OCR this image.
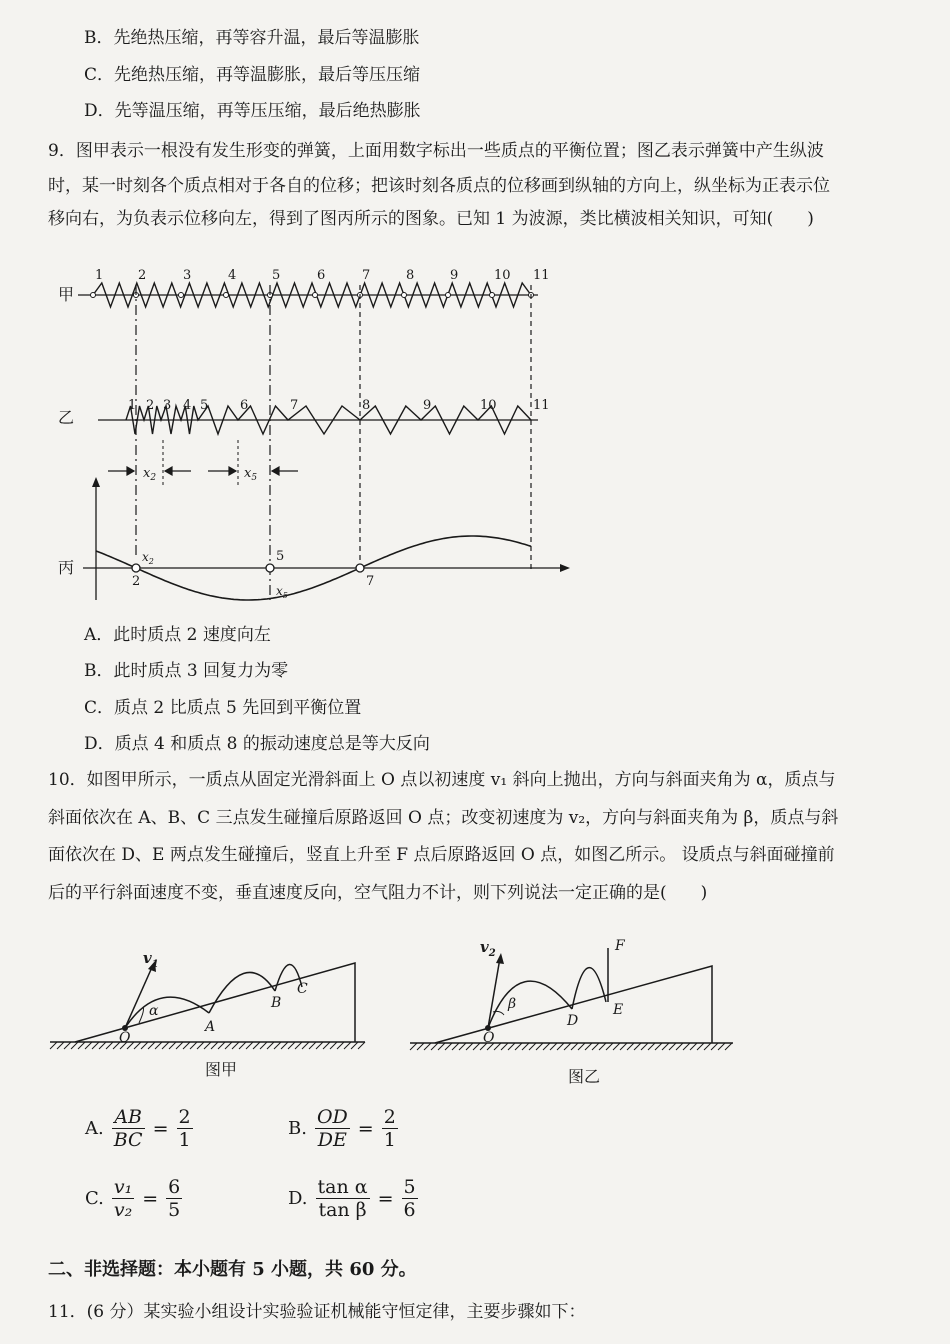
B．先绝热压缩，再等容升温，最后等温膨胀
C．先绝热压缩，再等温膨胀，最后等压压缩
D．先等温压缩，再等压压缩，最后绝热膨胀
9．图甲表示一根没有发生形变的弹簧，上面用数字标出一些质点的平衡位置；图乙表示弹簧中产生纵波
时，某一时刻各个质点相对于各自的位移；把该时刻各质点的位移画到纵轴的方向上，纵坐标为正表示位
移向右，为负表示位移向左，得到了图丙所示的图象。已知 1 为波源，类比横波相关知识，可知(　　)
甲
1	2	3	4	5	6	7	8	9	10 11
乙
1 2 3 4 5 6	7	8	9	10	11
$x_2$	$x_5$
丙
2
5
7
$x_2$
$x_5$
A．此时质点 2 速度向左
B．此时质点 3 回复力为零
C．质点 2 比质点 5 先回到平衡位置
D．质点 4 和质点 8 的振动速度总是等大反向
10．如图甲所示，一质点从固定光滑斜面上 O 点以初速度 v₁ 斜向上抛出，方向与斜面夹角为 α，质点与
斜面依次在 A、B、C 三点发生碰撞后原路返回 O 点；改变初速度为 v₂，方向与斜面夹角为 β，质点与斜
面依次在 D、E 两点发生碰撞后，竖直上升至 F 点后原路返回 O 点，如图乙所示。 设质点与斜面碰撞前
后的平行斜面速度不变，垂直速度反向，空气阻力不计，则下列说法一定正确的是(　　)
$v_1$
α
O
A
B
C
图甲
$v_2$
β
O
D
E
F
图乙
A. $\frac{AB}{BC} = \frac{2}{1}$	B. $\frac{OD}{DE} = \frac{2}{1}$
C. $\frac{\text{v₁}}{\text{v₂}} = \frac{6}{5}$	D. $\frac{\text{tan α}}{\text{tan β}} = \frac{5}{6}$
二、非选择题：本小题有 5 小题，共 60 分。
11．(6 分）某实验小组设计实验验证机械能守恒定律，主要步骤如下：
